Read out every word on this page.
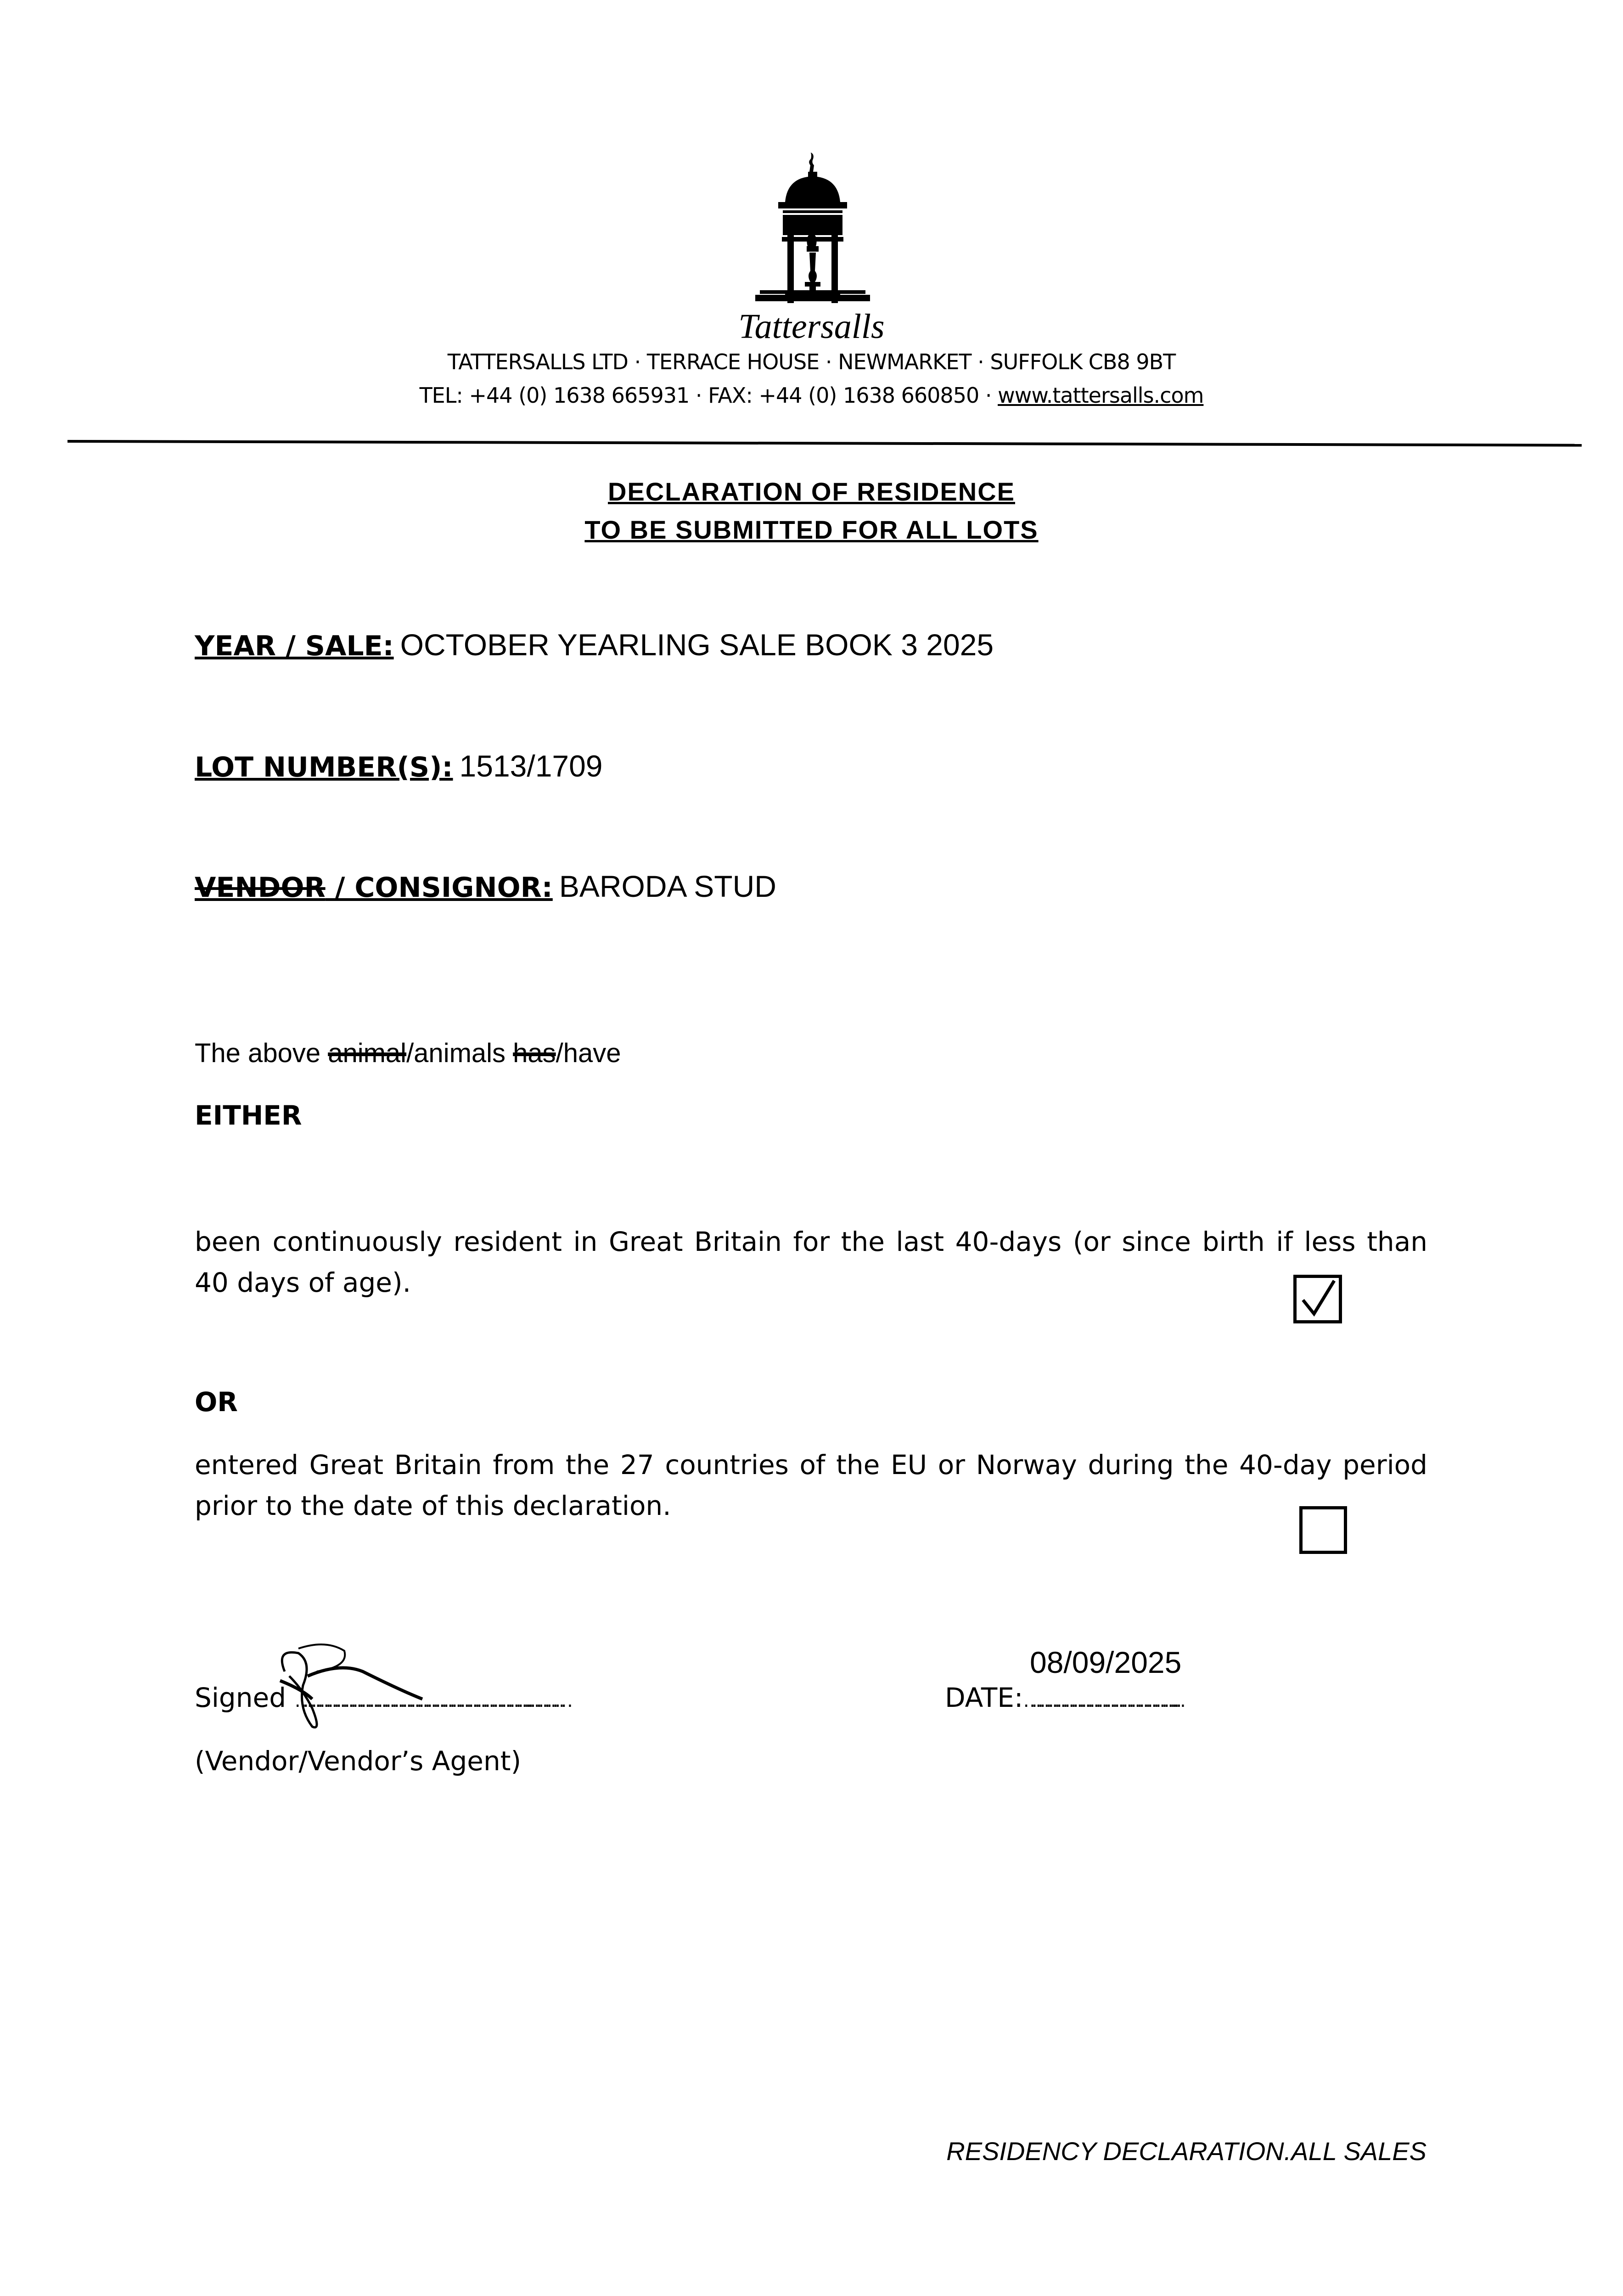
Tattersalls
TATTERSALLS LTD · TERRACE HOUSE · NEWMARKET · SUFFOLK CB8 9BT
TEL: +44 (0) 1638 665931 · FAX: +44 (0) 1638 660850 · www.tattersalls.com
DECLARATION OF RESIDENCE
TO BE SUBMITTED FOR ALL LOTS
YEAR / SALE: OCTOBER YEARLING SALE BOOK 3 2025
LOT NUMBER(S): 1513/1709
VENDOR / CONSIGNOR: BARODA STUD
The above animal/animals has/have
EITHER
been continuously resident in Great Britain for the last 40-days (or since birth if less than 40 days of age).
OR
entered Great Britain from the 27 countries of the EU or Norway during the 40-day period prior to the date of this declaration.
Signed ………………………………………………………………………….……………	DATE:……………………………………………….…
08/09/2025
(Vendor/Vendor’s Agent)
RESIDENCY DECLARATION.ALL SALES
